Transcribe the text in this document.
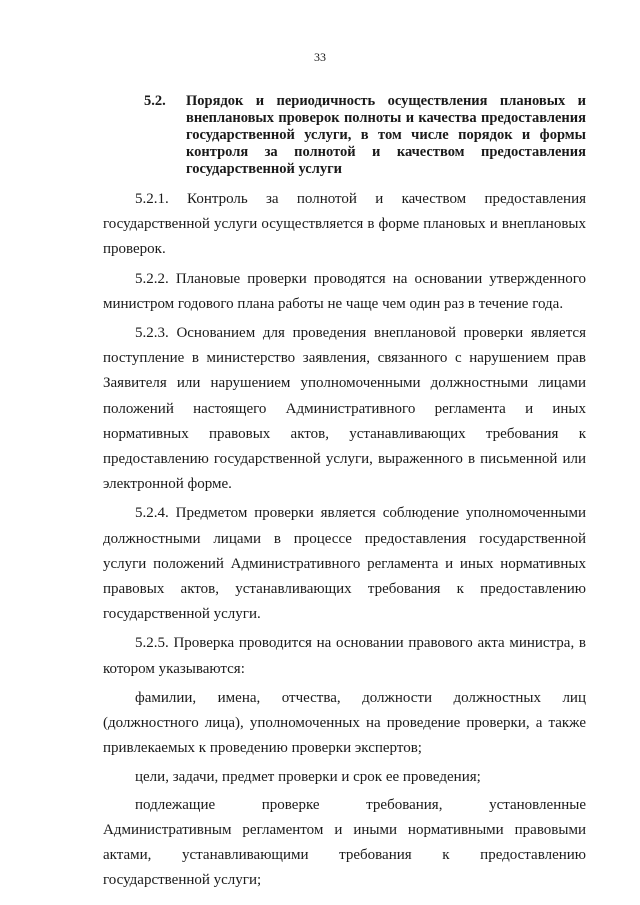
33
5.2.	Порядок и периодичность осуществления плановых и внеплановых проверок полноты и качества предоставления государственной услуги, в том числе порядок и формы контроля за полнотой и качеством предоставления государственной услуги

5.2.1. Контроль за полнотой и качеством предоставления государственной услуги осуществляется в форме плановых и внеплановых проверок.

5.2.2. Плановые проверки проводятся на основании утвержденного министром годового плана работы не чаще чем один раз в течение года.

5.2.3. Основанием для проведения внеплановой проверки является поступление в министерство заявления, связанного с нарушением прав Заявителя или нарушением уполномоченными должностными лицами положений настоящего Административного регламента и иных нормативных правовых актов, устанавливающих требования к предоставлению государственной услуги, выраженного в письменной или электронной форме.

5.2.4. Предметом проверки является соблюдение уполномоченными должностными лицами в процессе предоставления государственной услуги положений Административного регламента и иных нормативных правовых актов, устанавливающих требования к предоставлению государственной услуги.

5.2.5. Проверка проводится на основании правового акта министра, в котором указываются:

фамилии, имена, отчества, должности должностных лиц (должностного лица), уполномоченных на проведение проверки, а также привлекаемых к проведению проверки экспертов;

цели, задачи, предмет проверки и срок ее проведения;

подлежащие проверке требования, установленные Административным регламентом и иными нормативными правовыми актами, устанавливающими требования к предоставлению государственной услуги;
